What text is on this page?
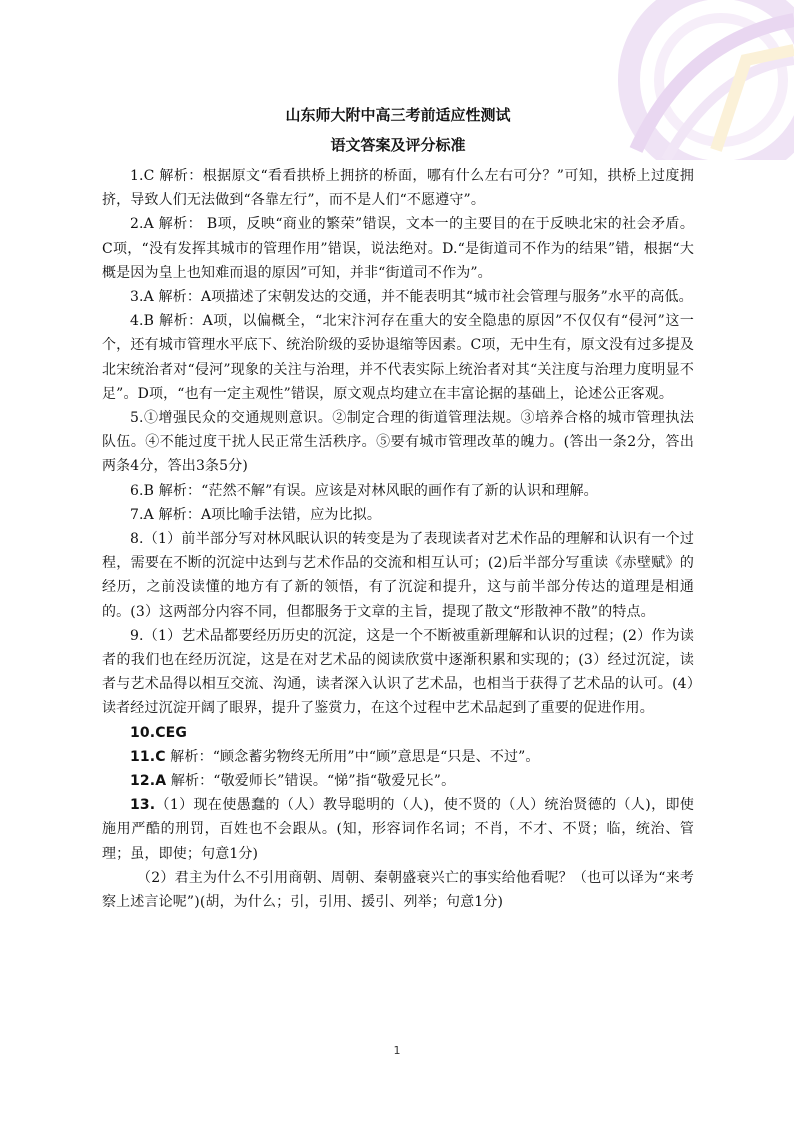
山东师大附中高三考前适应性测试
语文答案及评分标准
1.C 解析：根据原文“看看拱桥上拥挤的桥面，哪有什么左右可分？”可知，拱桥上过度拥挤，导致人们无法做到“各靠左行”，而不是人们“不愿遵守”。
2.A 解析： B项，反映“商业的繁荣”错误，文本一的主要目的在于反映北宋的社会矛盾。C项，“没有发挥其城市的管理作用”错误，说法绝对。D.“是街道司不作为的结果”错，根据“大概是因为皇上也知难而退的原因”可知，并非“街道司不作为”。
3.A 解析：A项描述了宋朝发达的交通，并不能表明其“城市社会管理与服务”水平的高低。
4.B 解析：A项，以偏概全，“北宋汴河存在重大的安全隐患的原因”不仅仅有“侵河”这一个，还有城市管理水平底下、统治阶级的妥协退缩等因素。C项，无中生有，原文没有过多提及北宋统治者对“侵河”现象的关注与治理，并不代表实际上统治者对其“关注度与治理力度明显不足”。D项，“也有一定主观性”错误，原文观点均建立在丰富论据的基础上，论述公正客观。
5.①增强民众的交通规则意识。②制定合理的街道管理法规。③培养合格的城市管理执法队伍。④不能过度干扰人民正常生活秩序。⑤要有城市管理改革的魄力。(答出一条2分，答出两条4分，答出3条5分)
6.B 解析：“茫然不解”有误。应该是对林风眠的画作有了新的认识和理解。
7.A 解析：A项比喻手法错，应为比拟。
8.（1）前半部分写对林风眠认识的转变是为了表现读者对艺术作品的理解和认识有一个过程，需要在不断的沉淀中达到与艺术作品的交流和相互认可；(2)后半部分写重读《赤壁赋》的经历，之前没读懂的地方有了新的领悟，有了沉淀和提升，这与前半部分传达的道理是相通的。(3）这两部分内容不同，但都服务于文章的主旨，提现了散文“形散神不散”的特点。
9.（1）艺术品都要经历历史的沉淀，这是一个不断被重新理解和认识的过程；(2）作为读者的我们也在经历沉淀，这是在对艺术品的阅读欣赏中逐渐积累和实现的；(3）经过沉淀，读者与艺术品得以相互交流、沟通，读者深入认识了艺术品，也相当于获得了艺术品的认可。(4）读者经过沉淀开阔了眼界，提升了鉴赏力，在这个过程中艺术品起到了重要的促进作用。
10.CEG
11.C 解析：“顾念蓄劣物终无所用”中“顾”意思是“只是、不过”。
12.A 解析：“敬爱师长”错误。“悌”指“敬爱兄长”。
13.（1）现在使愚蠢的（人）教导聪明的（人)，使不贤的（人）统治贤德的（人)，即使施用严酷的刑罚，百姓也不会跟从。(知，形容词作名词；不肖，不才、不贤；临，统治、管理；虽，即使；句意1分)
（2）君主为什么不引用商朝、周朝、秦朝盛衰兴亡的事实给他看呢？（也可以译为“来考察上述言论呢”)(胡，为什么；引，引用、援引、列举；句意1分)
1
